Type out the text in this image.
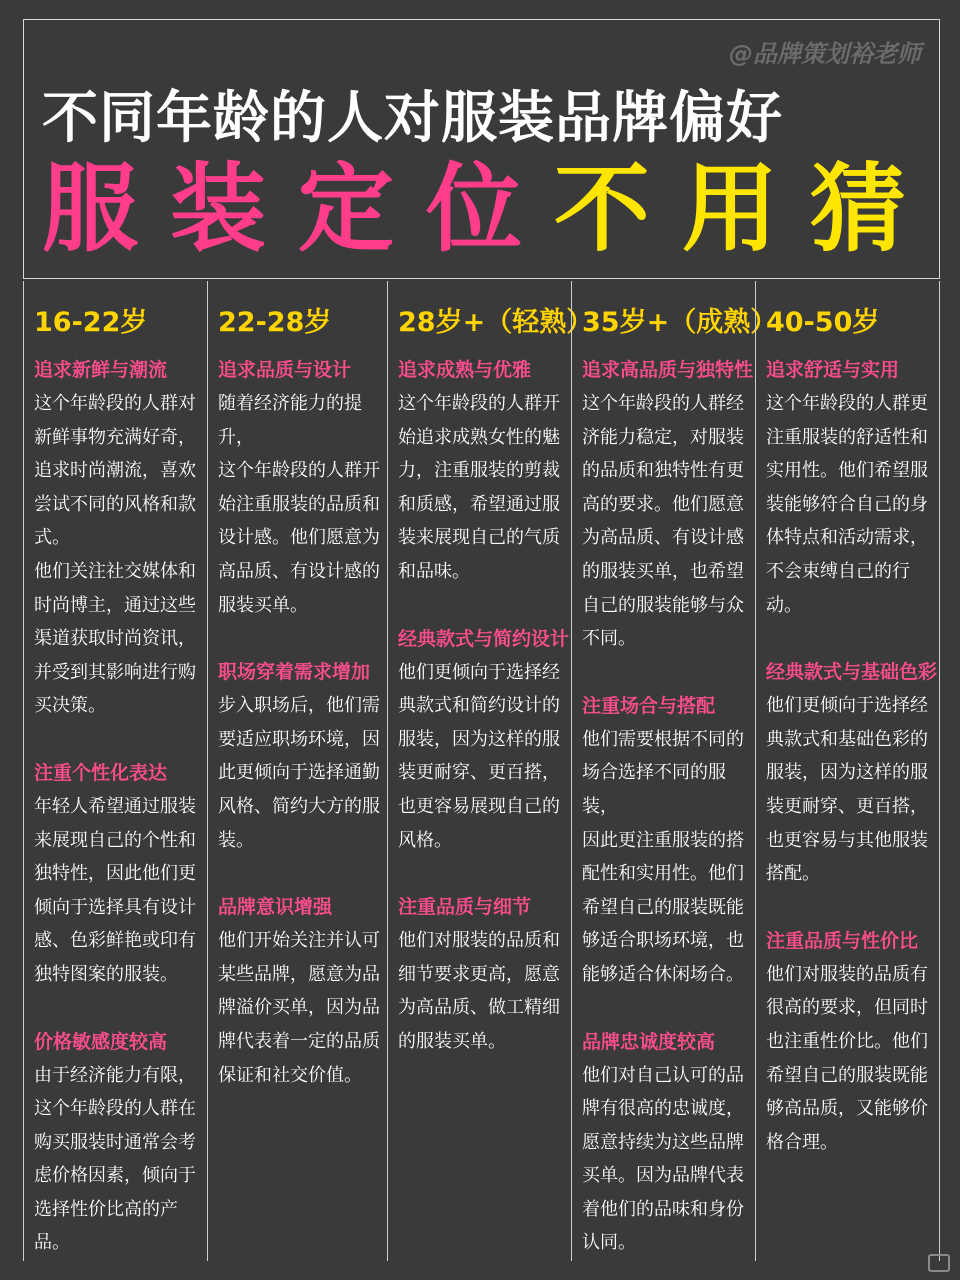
@品牌策划裕老师
不同年龄的人对服装品牌偏好
服 装 定 位 不 用 猜
16-22岁
追求新鲜与潮流

这个年龄段的人群对
新鲜事物充满好奇，
追求时尚潮流，喜欢
尝试不同的风格和款
式。
他们关注社交媒体和
时尚博主，通过这些
渠道获取时尚资讯，
并受到其影响进行购
买决策。

注重个性化表达

年轻人希望通过服装
来展现自己的个性和
独特性，因此他们更
倾向于选择具有设计
感、色彩鲜艳或印有
独特图案的服装。

价格敏感度较高

由于经济能力有限，
这个年龄段的人群在
购买服装时通常会考
虑价格因素，倾向于
选择性价比高的产品。

22-28岁
追求品质与设计

随着经济能力的提升，
这个年龄段的人群开
始注重服装的品质和
设计感。他们愿意为
高品质、有设计感的
服装买单。

职场穿着需求增加

步入职场后，他们需
要适应职场环境，因
此更倾向于选择通勤
风格、简约大方的服
装。

品牌意识增强

他们开始关注并认可
某些品牌，愿意为品
牌溢价买单，因为品
牌代表着一定的品质
保证和社交价值。

28岁+（轻熟）
追求成熟与优雅

这个年龄段的人群开
始追求成熟女性的魅
力，注重服装的剪裁
和质感，希望通过服
装来展现自己的气质
和品味。

经典款式与简约设计

他们更倾向于选择经
典款式和简约设计的
服装，因为这样的服
装更耐穿、更百搭，
也更容易展现自己的
风格。

注重品质与细节

他们对服装的品质和
细节要求更高，愿意
为高品质、做工精细
的服装买单。

35岁+（成熟）
追求高品质与独特性

这个年龄段的人群经
济能力稳定，对服装
的品质和独特性有更
高的要求。他们愿意
为高品质、有设计感
的服装买单，也希望
自己的服装能够与众
不同。

注重场合与搭配

他们需要根据不同的
场合选择不同的服装，
因此更注重服装的搭
配性和实用性。他们
希望自己的服装既能
够适合职场环境，也
能够适合休闲场合。

品牌忠诚度较高

他们对自己认可的品
牌有很高的忠诚度，
愿意持续为这些品牌
买单。因为品牌代表
着他们的品味和身份
认同。

40-50岁
追求舒适与实用

这个年龄段的人群更
注重服装的舒适性和
实用性。他们希望服
装能够符合自己的身
体特点和活动需求，
不会束缚自己的行动。

经典款式与基础色彩

他们更倾向于选择经
典款式和基础色彩的
服装，因为这样的服
装更耐穿、更百搭，
也更容易与其他服装
搭配。

注重品质与性价比

他们对服装的品质有
很高的要求，但同时
也注重性价比。他们
希望自己的服装既能
够高品质，又能够价
格合理。
